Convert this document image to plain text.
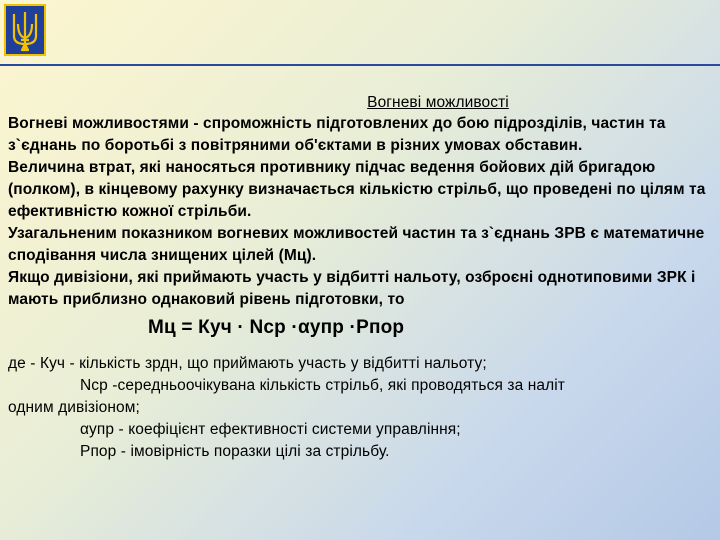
Вогневі можливості

Вогневі можливостями - спроможність підготовлених до бою підрозділів, частин та з`єднань по боротьбі з повітряними об'єктами в різних умовах обставин.

Величина втрат, які наносяться противнику підчас ведення бойових дій бригадою (полком), в кінцевому рахунку визначається кількістю стрільб, що проведені по цілям та ефективністю кожної стрільби.

Узагальненим показником вогневих можливостей частин та з`єднань ЗРВ є математичне сподівання числа знищених цілей (Мц).

Якщо дивізіони, які приймають участь у відбитті нальоту, озброєні однотиповими ЗРК і мають приблизно однаковий рівень підготовки, то

Мц = Куч · Nср ·αупр ·Рпор
де - Куч - кількість зрдн, що приймають участь у відбитті нальоту;
Nср -середньоочікувана кількість стрільб, які проводяться за наліт
одним дивізіоном;
αупр - коефіцієнт ефективності системи управління;
Рпор - імовірність поразки цілі за стрільбу.
